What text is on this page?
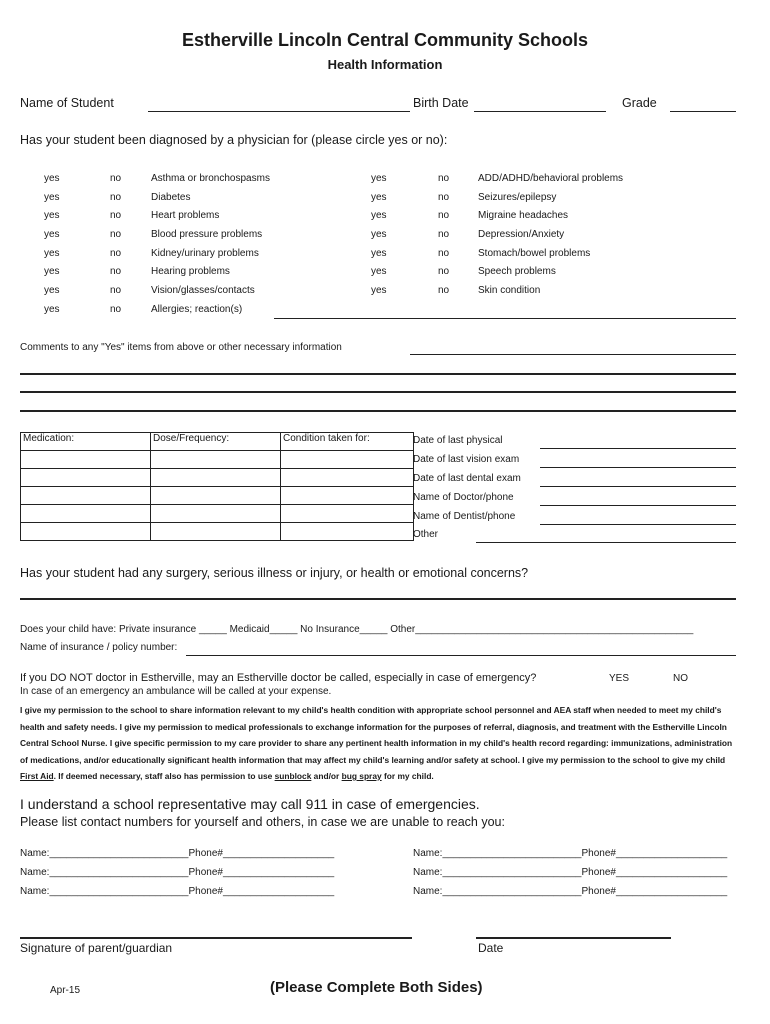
Estherville Lincoln Central Community Schools
Health Information
Name of Student	Birth Date	Grade
Has your student been diagnosed by a physician for (please circle yes or no):
yes	no	Asthma or bronchospasms
yes	no	Diabetes
yes	no	Heart problems
yes	no	Blood pressure problems
yes	no	Kidney/urinary problems
yes	no	Hearing problems
yes	no	Vision/glasses/contacts
yes	no	Allergies; reaction(s)
yes	no	ADD/ADHD/behavioral problems
yes	no	Seizures/epilepsy
yes	no	Migraine headaches
yes	no	Depression/Anxiety
yes	no	Stomach/bowel problems
yes	no	Speech problems
yes	no	Skin condition
Comments to any "Yes" items from above or other necessary information
Medication:	Dose/Frequency:	Condition taken for:

			Date of last physical
Date of last vision exam
Date of last dental exam
Name of Doctor/phone
Name of Dentist/phone
Other
Has your student had any surgery, serious illness or injury, or health or emotional concerns?
Does your child have: Private insurance _____ Medicaid_____ No Insurance_____ Other__________________________________________________
Name of insurance / policy number:
If you DO NOT doctor in Estherville, may an Estherville doctor be called, especially in case of emergency?	YES	NO
In case of an emergency an ambulance will be called at your expense.
I give my permission to the school to share information relevant to my child's health condition with appropriate school personnel and AEA staff when needed to meet my child's health and safety needs. I give my permission to medical professionals to exchange information for the purposes of referral, diagnosis, and treatment with the Estherville Lincoln Central School Nurse. I give specific permission to my care provider to share any pertinent health information in my child's health record regarding: immunizations, administration of medications, and/or educationally significant health information that may affect my child's learning and/or safety at school. I give my permission to the school to give my child First Aid. If deemed necessary, staff also has permission to use sunblock and/or bug spray for my child.
I understand a school representative may call 911 in case of emergencies.
Please list contact numbers for yourself and others, in case we are unable to reach you:
Name:_________________________Phone#____________________	Name:_________________________Phone#____________________
Name:_________________________Phone#____________________	Name:_________________________Phone#____________________
Name:_________________________Phone#____________________	Name:_________________________Phone#____________________
Signature of parent/guardian	Date
Apr-15	(Please Complete Both Sides)
